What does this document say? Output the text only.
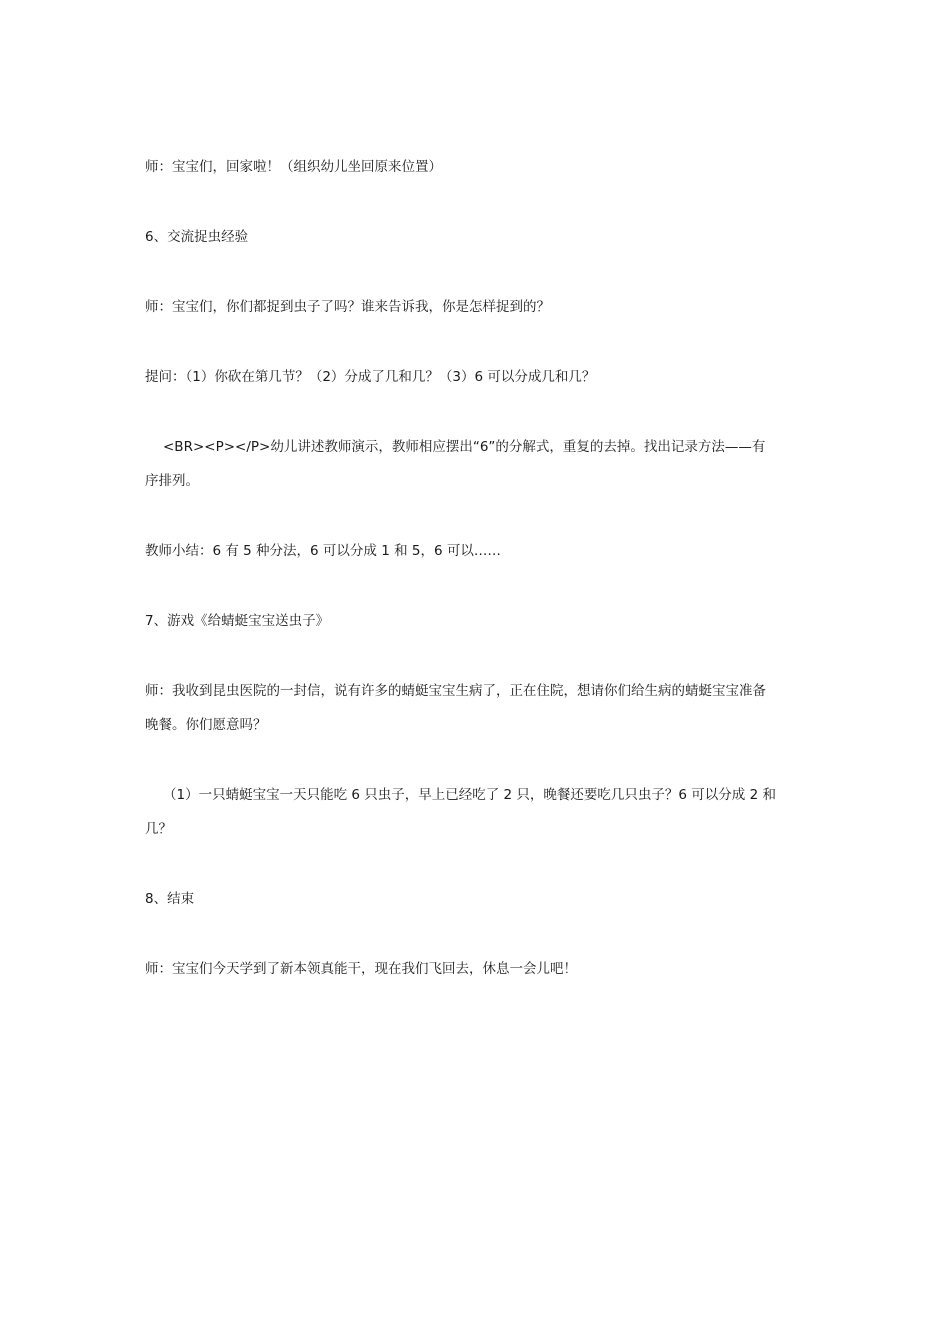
师：宝宝们，回家啦！（组织幼儿坐回原来位置）
6、交流捉虫经验
师：宝宝们，你们都捉到虫子了吗？谁来告诉我，你是怎样捉到的？
提问：（1）你砍在第几节？（2）分成了几和几？（3）6 可以分成几和几？
<BR><P></P>幼儿讲述教师演示，教师相应摆出“6”的分解式，重复的去掉。找出记录方法——有
序排列。
教师小结：6 有 5 种分法，6 可以分成 1 和 5，6 可以……
7、游戏《给蜻蜓宝宝送虫子》
师：我收到昆虫医院的一封信，说有许多的蜻蜓宝宝生病了，正在住院，想请你们给生病的蜻蜓宝宝准备
晚餐。你们愿意吗？
（1）一只蜻蜓宝宝一天只能吃 6 只虫子，早上已经吃了 2 只，晚餐还要吃几只虫子？6 可以分成 2 和
几？
8、结束
师：宝宝们今天学到了新本领真能干，现在我们飞回去，休息一会儿吧！
